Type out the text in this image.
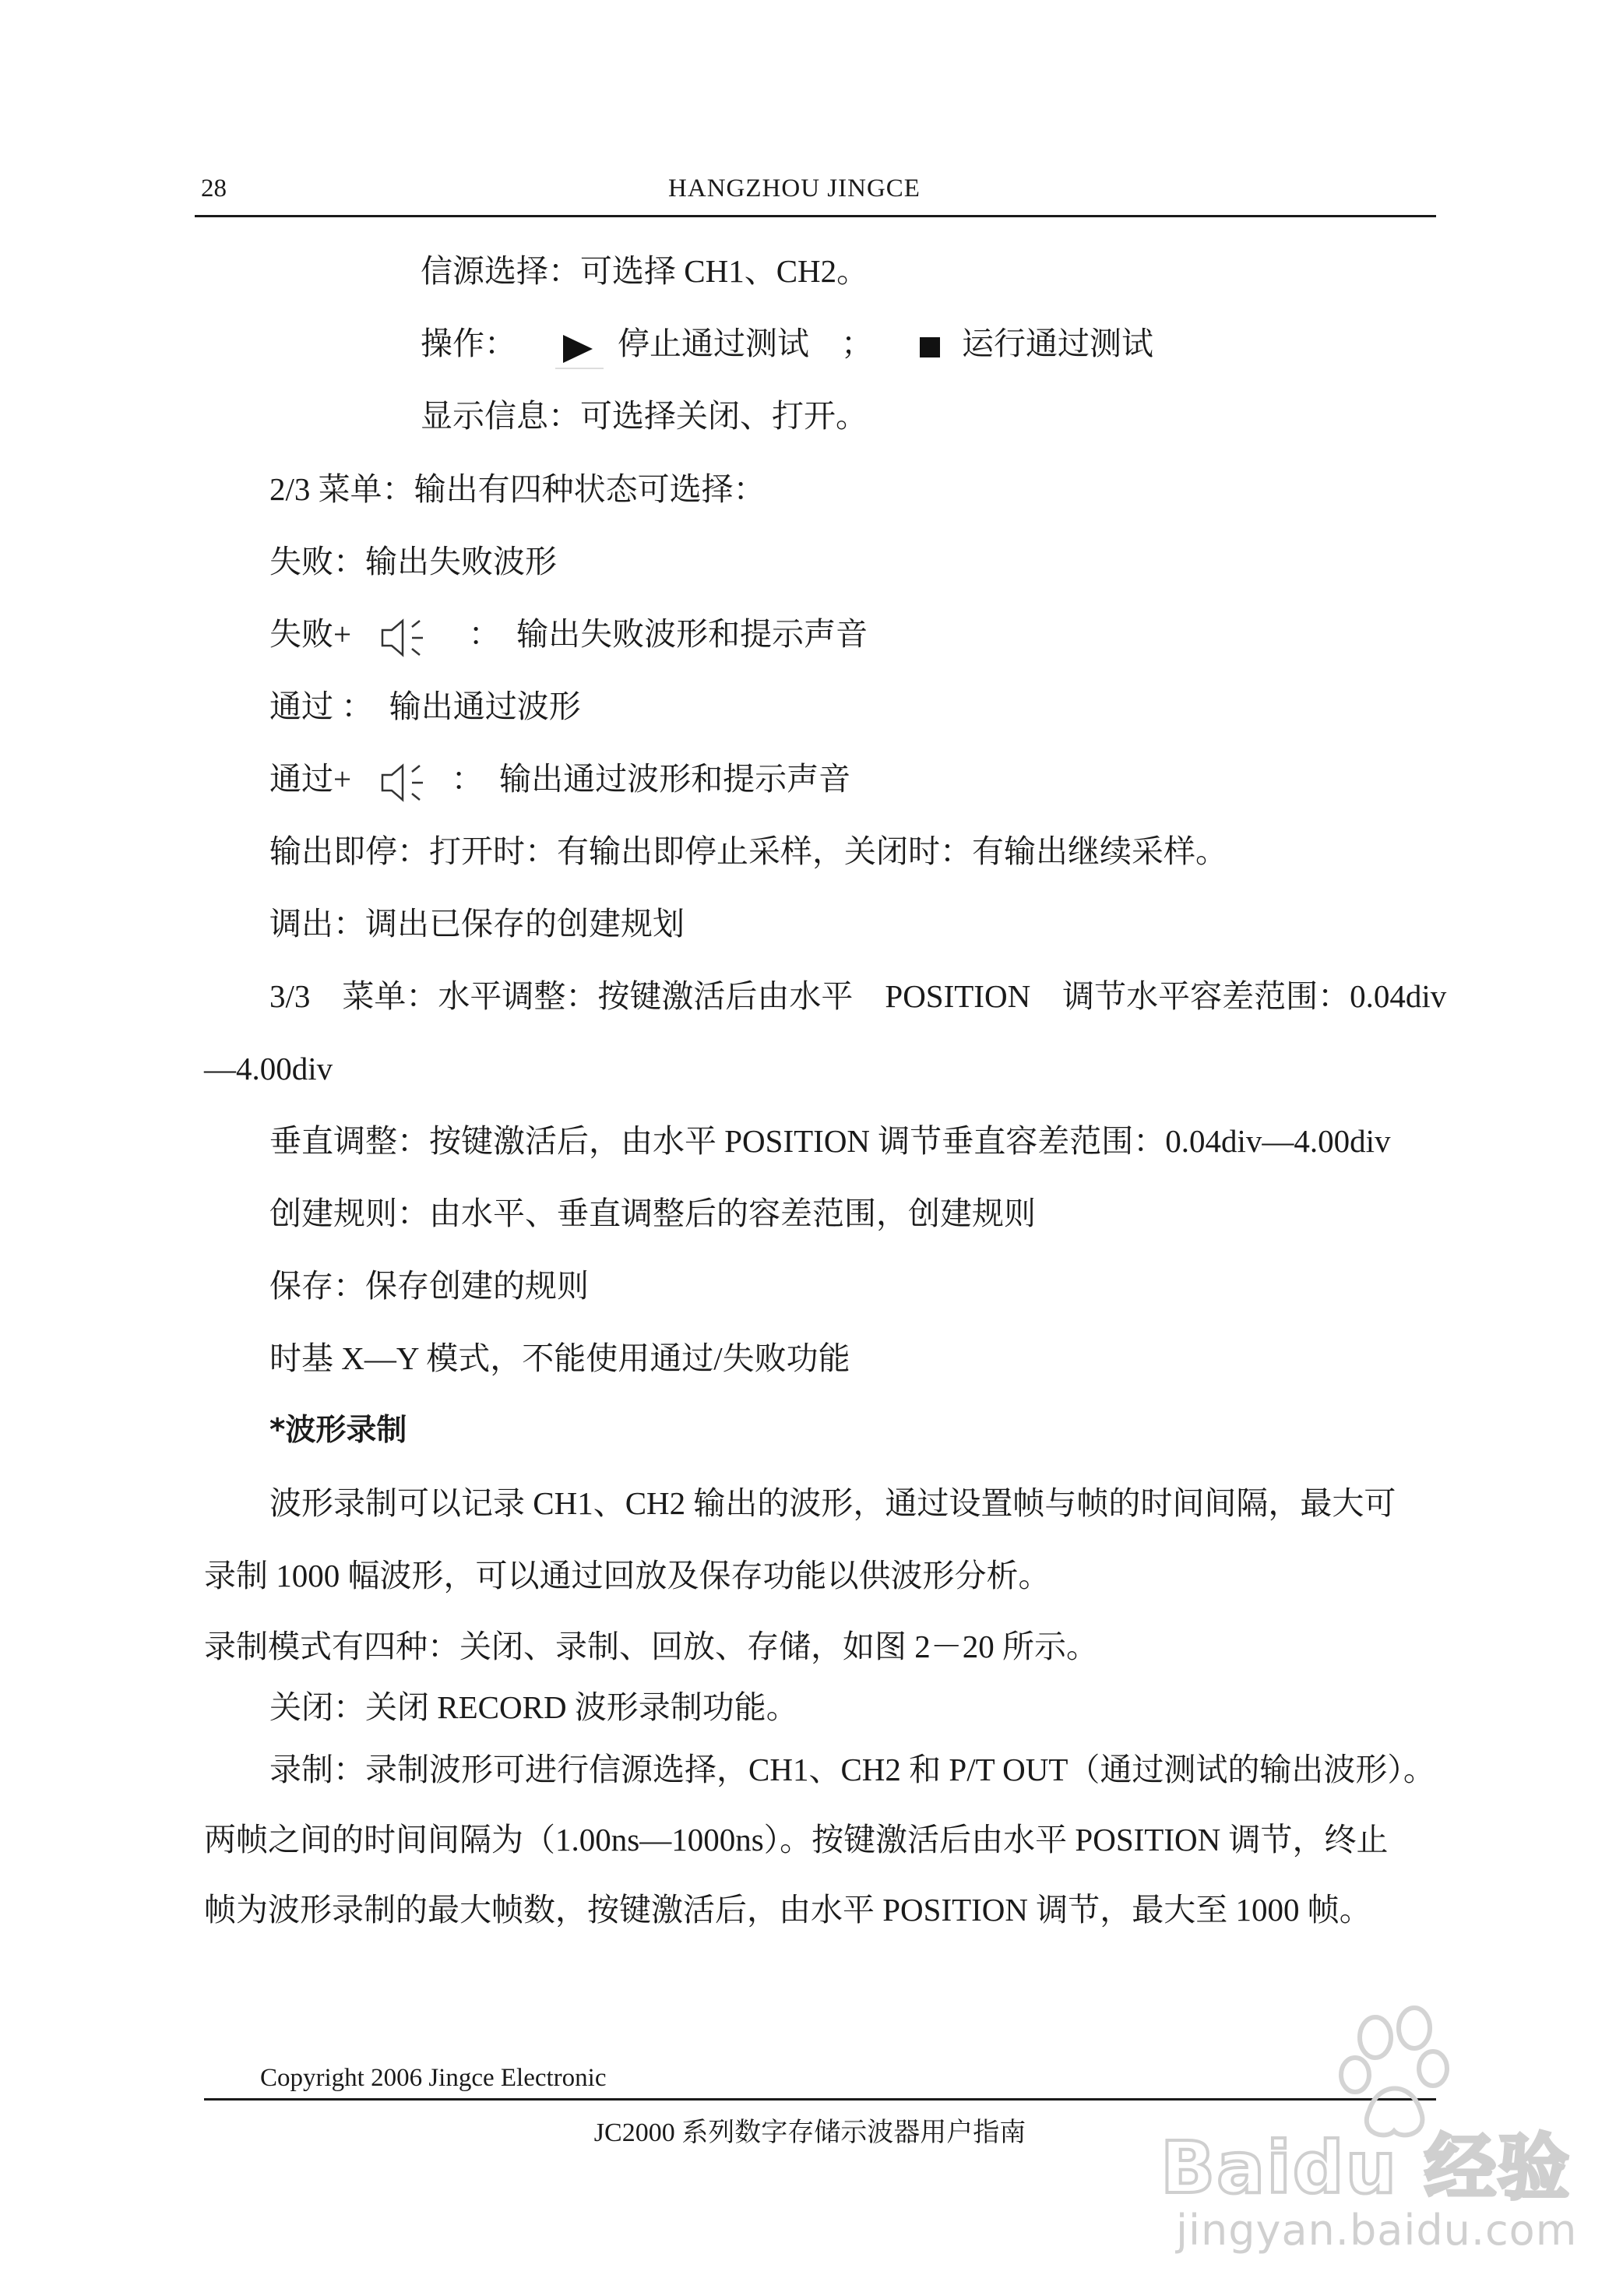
28	HANGZHOU JINGCE
信源选择：可选择 CH1、CH2。
操作：	停止通过测试　；	运行通过测试
显示信息：可选择关闭、打开。
2/3 菜单：输出有四种状态可选择：
失败：输出失败波形
失败+	：　输出失败波形和提示声音
通过 ：　输出通过波形
通过+	：　输出通过波形和提示声音
输出即停：打开时：有输出即停止采样，关闭时：有输出继续采样。
调出：调出已保存的创建规划
3/3　菜单：水平调整：按键激活后由水平　POSITION　调节水平容差范围：0.04div
—4.00div
垂直调整：按键激活后，由水平 POSITION 调节垂直容差范围：0.04div—4.00div
创建规则：由水平、垂直调整后的容差范围，创建规则
保存：保存创建的规则
时基 X—Y 模式，不能使用通过/失败功能
*波形录制
波形录制可以记录 CH1、CH2 输出的波形，通过设置帧与帧的时间间隔，最大可
录制 1000 幅波形，可以通过回放及保存功能以供波形分析。
录制模式有四种：关闭、录制、回放、存储，如图 2－20 所示。
关闭：关闭 RECORD 波形录制功能。
录制：录制波形可进行信源选择，CH1、CH2 和 P/T OUT（通过测试的输出波形）。
两帧之间的时间间隔为（1.00ns—1000ns）。按键激活后由水平 POSITION 调节，终止
帧为波形录制的最大帧数，按键激活后，由水平 POSITION 调节，最大至 1000 帧。
Copyright 2006 Jingce Electronic
JC2000 系列数字存储示波器用户指南	Baidu 经验
jingyan.baidu.com
